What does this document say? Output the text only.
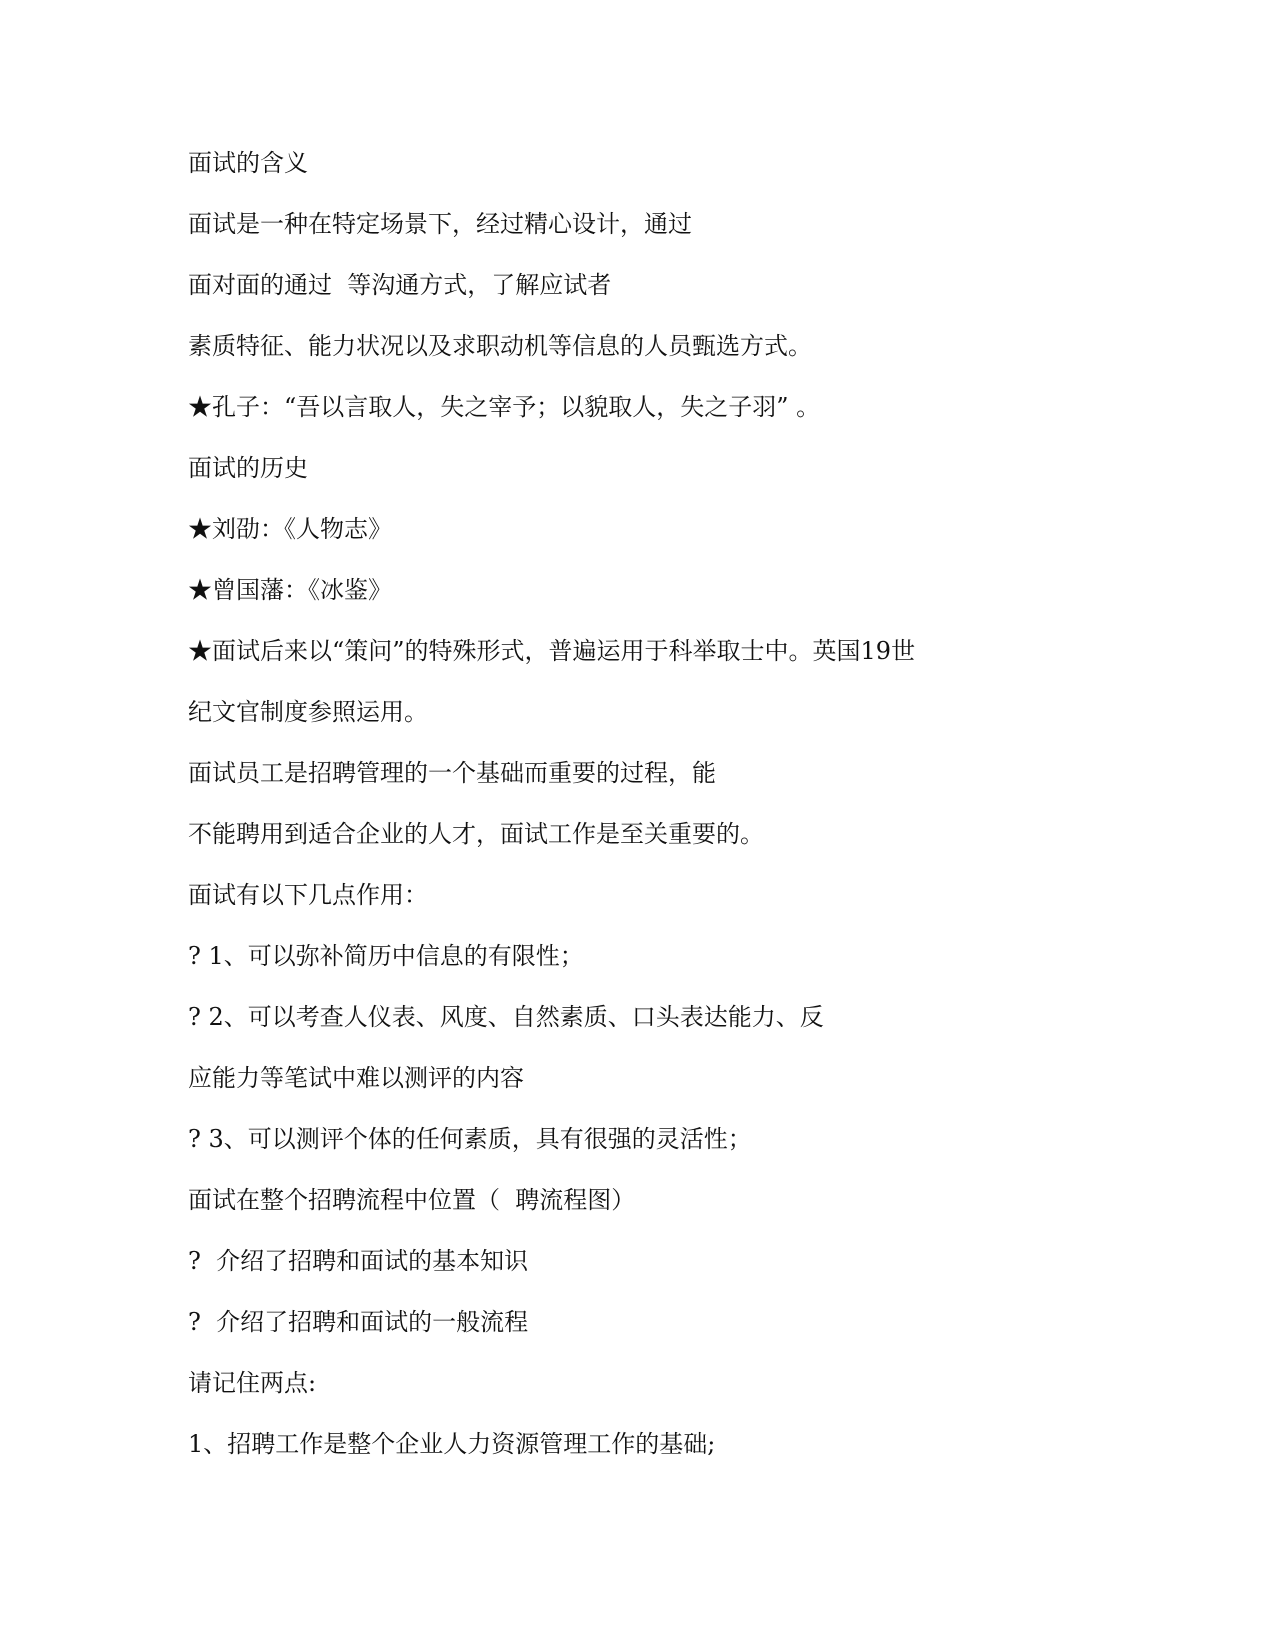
面试的含义
面试是一种在特定场景下，经过精心设计，通过
面对面的通过  等沟通方式，了解应试者
素质特征、能力状况以及求职动机等信息的人员甄选方式。
★孔子：“吾以言取人，失之宰予；以貌取人，失之子羽” 。
面试的历史
★刘劭：《人物志》
★曾国藩：《冰鉴》
★面试后来以“策问”的特殊形式，普遍运用于科举取士中。英国19世
纪文官制度参照运用。
面试员工是招聘管理的一个基础而重要的过程，能
不能聘用到适合企业的人才，面试工作是至关重要的。
面试有以下几点作用：
? 1、可以弥补简历中信息的有限性；
? 2、可以考查人仪表、风度、自然素质、口头表达能力、反
应能力等笔试中难以测评的内容
? 3、可以测评个体的任何素质，具有很强的灵活性；
面试在整个招聘流程中位置（  聘流程图）
?  介绍了招聘和面试的基本知识
?  介绍了招聘和面试的一般流程
请记住两点:
1、招聘工作是整个企业人力资源管理工作的基础;
